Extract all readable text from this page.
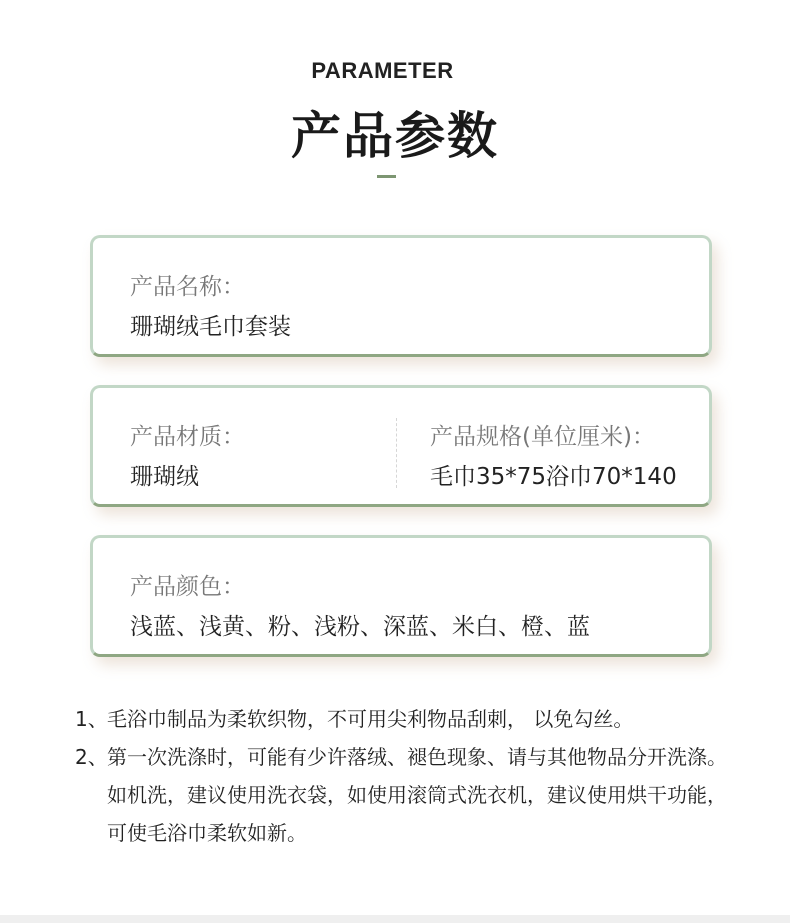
PARAMETER
产品参数
产品名称：
珊瑚绒毛巾套装
产品材质：
珊瑚绒
产品规格(单位厘米)：
毛巾35*75浴巾70*140
产品颜色：
浅蓝、浅黄、粉、浅粉、深蓝、米白、橙、蓝
1、 毛浴巾制品为柔软织物，不可用尖利物品刮刺， 以免勾丝。
2、 第一次洗涤时，可能有少许落绒、褪色现象、请与其他物品分开洗涤。如机洗，建议使用洗衣袋，如使用滚筒式洗衣机，建议使用烘干功能，可使毛浴巾柔软如新。
